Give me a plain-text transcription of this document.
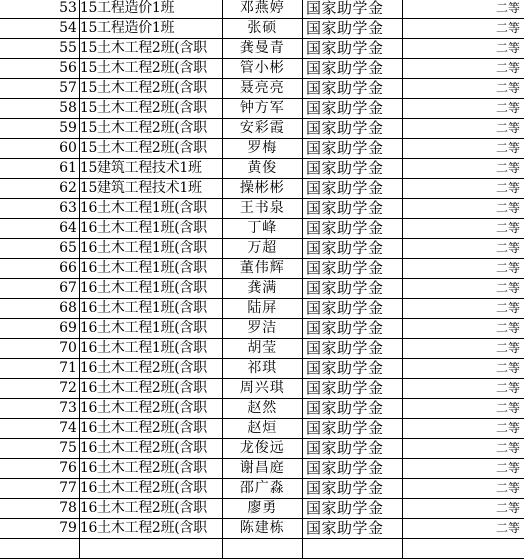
53	15工程造价1班	邓燕婷	国家助学金	二等
54	15工程造价1班	张硕	国家助学金	二等
55	15土木工程2班(含职	龚曼青	国家助学金	二等
56	15土木工程2班(含职	管小彬	国家助学金	二等
57	15土木工程2班(含职	聂亮亮	国家助学金	二等
58	15土木工程2班(含职	钟方军	国家助学金	二等
59	15土木工程2班(含职	安彩霞	国家助学金	二等
60	15土木工程2班(含职	罗梅	国家助学金	二等
61	15建筑工程技术1班	黄俊	国家助学金	二等
62	15建筑工程技术1班	操彬彬	国家助学金	二等
63	16土木工程1班(含职	王书泉	国家助学金	二等
64	16土木工程1班(含职	丁峰	国家助学金	二等
65	16土木工程1班(含职	万超	国家助学金	二等
66	16土木工程1班(含职	董伟辉	国家助学金	二等
67	16土木工程1班(含职	龚满	国家助学金	二等
68	16土木工程1班(含职	陆屏	国家助学金	二等
69	16土木工程1班(含职	罗洁	国家助学金	二等
70	16土木工程1班(含职	胡莹	国家助学金	二等
71	16土木工程2班(含职	祁琪	国家助学金	二等
72	16土木工程2班(含职	周兴琪	国家助学金	二等
73	16土木工程2班(含职	赵然	国家助学金	二等
74	16土木工程2班(含职	赵烜	国家助学金	二等
75	16土木工程2班(含职	龙俊远	国家助学金	二等
76	16土木工程2班(含职	谢昌庭	国家助学金	二等
77	16土木工程2班(含职	邵广淼	国家助学金	二等
78	16土木工程2班(含职	廖勇	国家助学金	二等
79	16土木工程2班(含职	陈建栋	国家助学金	二等
